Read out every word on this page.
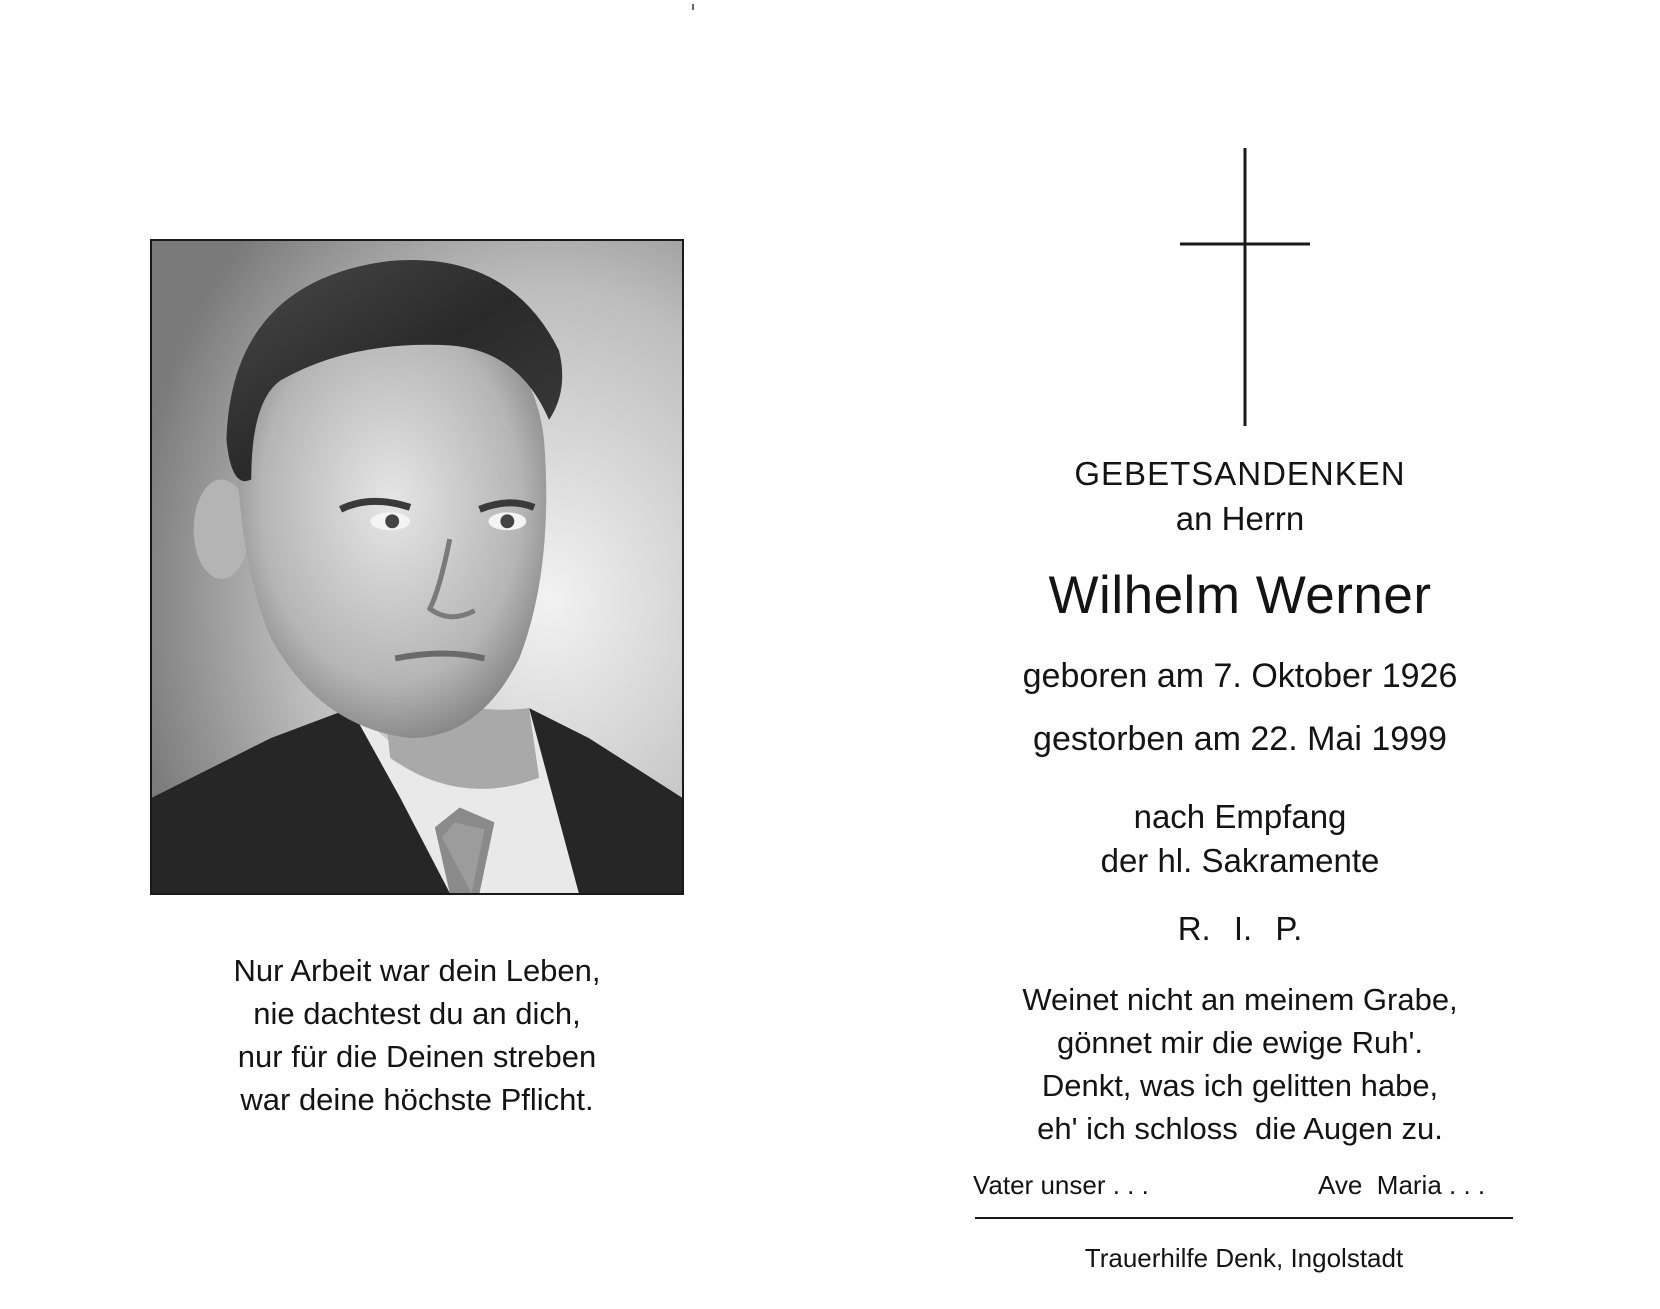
Nur Arbeit war dein Leben,
nie dachtest du an dich,
nur für die Deinen streben
war deine höchste Pflicht.
GEBETSANDENKEN
an Herrn
Wilhelm Werner
geboren am 7. Oktober 1926
gestorben am 22. Mai 1999
nach Empfang
der hl. Sakramente
R. I. P.
Weinet nicht an meinem Grabe,
gönnet mir die ewige Ruh'.
Denkt, was ich gelitten habe,
eh' ich schloss  die Augen zu.
Vater unser . . .	Ave  Maria . . .
Trauerhilfe Denk, Ingolstadt
